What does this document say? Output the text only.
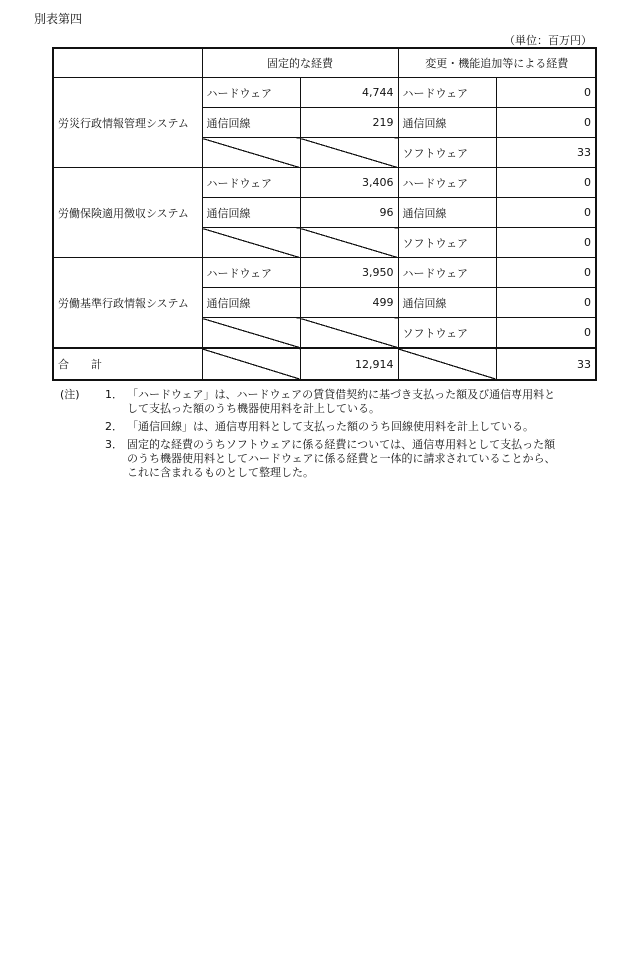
別表第四
（単位：百万円）
	固定的な経費		変更・機能追加等による経費	
労災行政情報管理システム	ハードウェア	4,744	ハードウェア	0
	通信回線	219	通信回線	0
			ソフトウェア	33
労働保険適用徴収システム	ハードウェア	3,406	ハードウェア	0
	通信回線	96	通信回線	0
			ソフトウェア	0
労働基準行政情報システム	ハードウェア	3,950	ハードウェア	0
	通信回線	499	通信回線	0
			ソフトウェア	0
合　　計		12,914		33
(注)	1． 「ハードウェア」は、ハードウェアの賃貸借契約に基づき支払った額及び通信専用料として支払った額のうち機器使用料を計上している。
2． 「通信回線」は、通信専用料として支払った額のうち回線使用料を計上している。
3． 固定的な経費のうちソフトウェアに係る経費については、通信専用料として支払った額のうち機器使用料としてハードウェアに係る経費と一体的に請求されていることから、これに含まれるものとして整理した。
